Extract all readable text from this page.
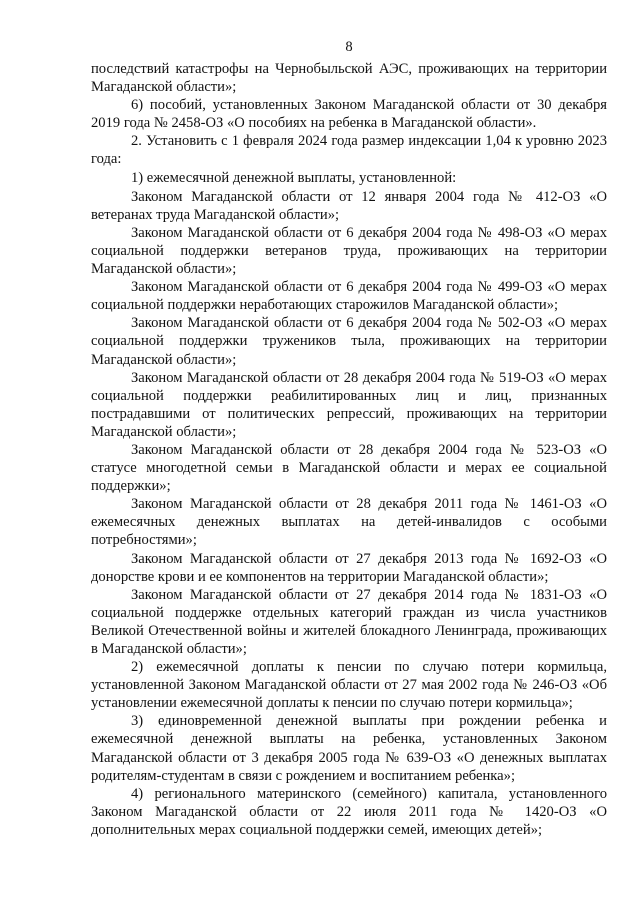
8

последствий катастрофы на Чернобыльской АЭС, проживающих на территории Магаданской области»;

6) пособий, установленных Законом Магаданской области от 30 декабря 2019 года № 2458-ОЗ «О пособиях на ребенка в Магаданской области».

2. Установить с 1 февраля 2024 года размер индексации 1,04 к уровню 2023 года:

1) ежемесячной денежной выплаты, установленной:

Законом Магаданской области от 12 января 2004 года № 412-ОЗ «О ветеранах труда Магаданской области»;

Законом Магаданской области от 6 декабря 2004 года № 498-ОЗ «О мерах социальной поддержки ветеранов труда, проживающих на территории Магаданской области»;

Законом Магаданской области от 6 декабря 2004 года № 499-ОЗ «О мерах социальной поддержки неработающих старожилов Магаданской области»;

Законом Магаданской области от 6 декабря 2004 года № 502-ОЗ «О мерах социальной поддержки тружеников тыла, проживающих на территории Магаданской области»;

Законом Магаданской области от 28 декабря 2004 года № 519-ОЗ «О мерах социальной поддержки реабилитированных лиц и лиц, признанных пострадавшими от политических репрессий, проживающих на территории Магаданской области»;

Законом Магаданской области от 28 декабря 2004 года № 523-ОЗ «О статусе многодетной семьи в Магаданской области и мерах ее социальной поддержки»;

Законом Магаданской области от 28 декабря 2011 года № 1461-ОЗ «О ежемесячных денежных выплатах на детей-инвалидов с особыми потребностями»;

Законом Магаданской области от 27 декабря 2013 года № 1692-ОЗ «О донорстве крови и ее компонентов на территории Магаданской области»;

Законом Магаданской области от 27 декабря 2014 года № 1831-ОЗ «О социальной поддержке отдельных категорий граждан из числа участников Великой Отечественной войны и жителей блокадного Ленинграда, проживающих в Магаданской области»;

2) ежемесячной доплаты к пенсии по случаю потери кормильца, установленной Законом Магаданской области от 27 мая 2002 года № 246-ОЗ «Об установлении ежемесячной доплаты к пенсии по случаю потери кормильца»;

3) единовременной денежной выплаты при рождении ребенка и ежемесячной денежной выплаты на ребенка, установленных Законом Магаданской области от 3 декабря 2005 года № 639-ОЗ «О денежных выплатах родителям-студентам в связи с рождением и воспитанием ребенка»;

4) регионального материнского (семейного) капитала, установленного Законом Магаданской области от 22 июля 2011 года № 1420-ОЗ «О дополнительных мерах социальной поддержки семей, имеющих детей»;
